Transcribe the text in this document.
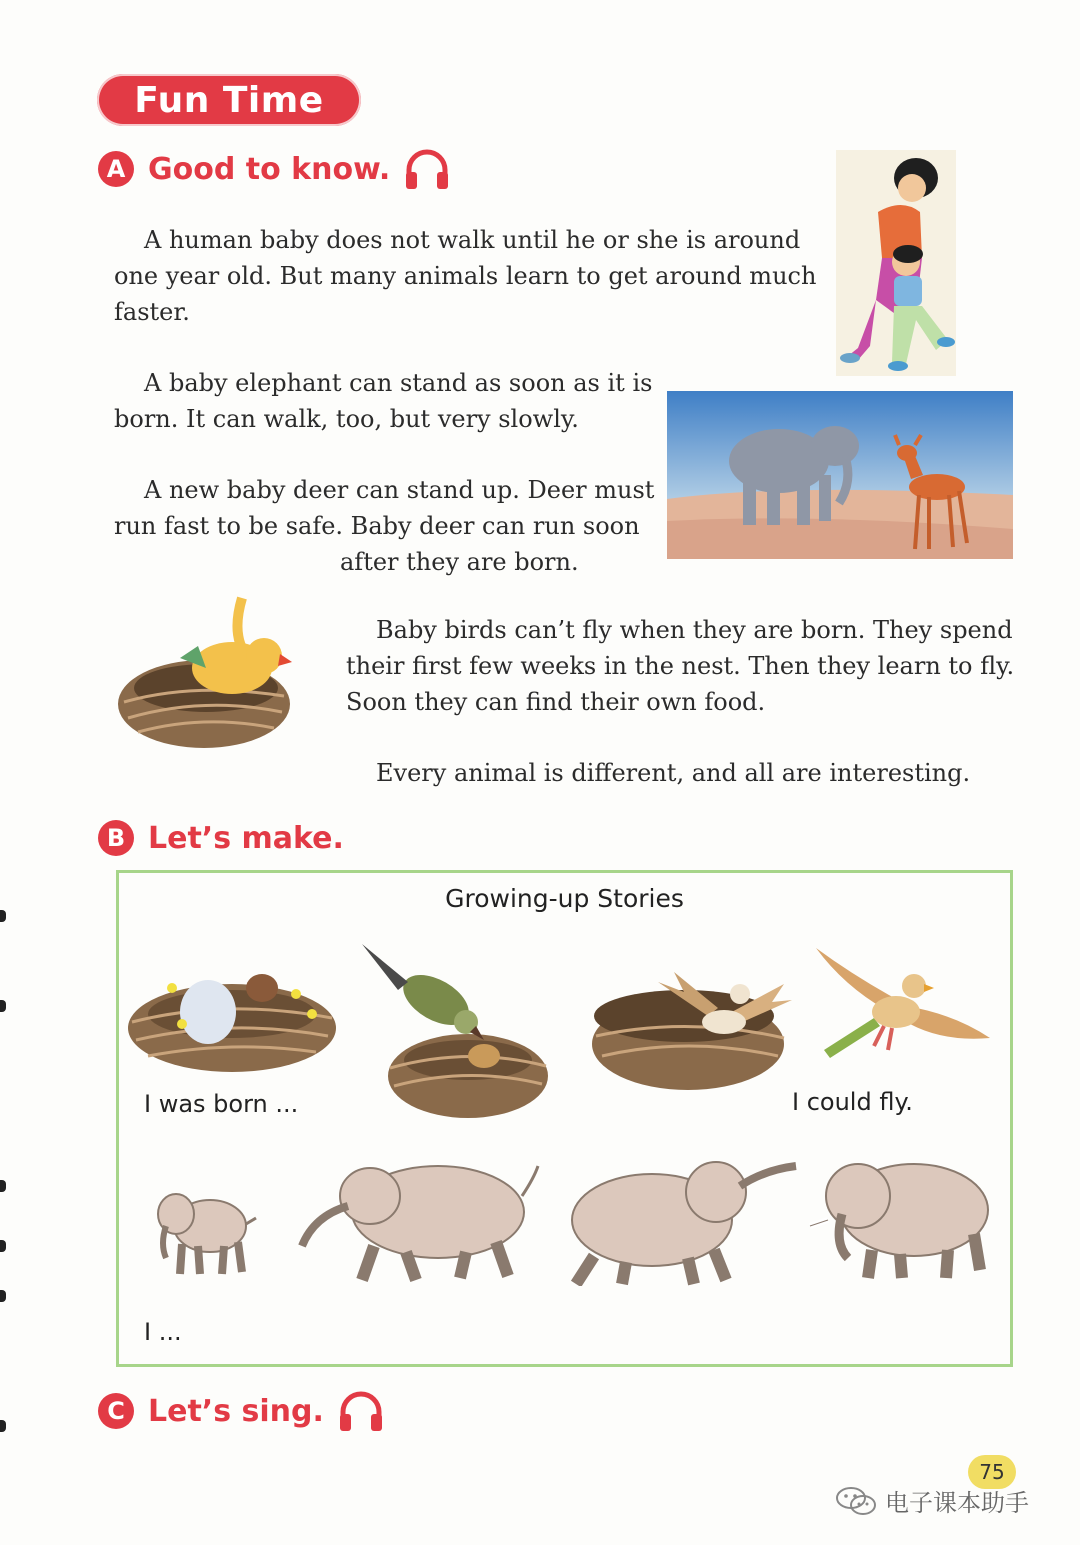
Fun Time
A Good to know.
A human baby does not walk until he or she is around
one year old. But many animals learn to get around much
faster.
A baby elephant can stand as soon as it is
born. It can walk, too, but very slowly.
A new baby deer can stand up. Deer must
run fast to be safe. Baby deer can run soon
after they are born.
Baby birds can’t fly when they are born. They spend
their first few weeks in the nest. Then they learn to fly.
Soon they can find their own food.
Every animal is different, and all are interesting.
B Let’s make.
Growing-up Stories
I was born ...	I could fly.
I ...
C Let’s sing.
75
电子课本助手
